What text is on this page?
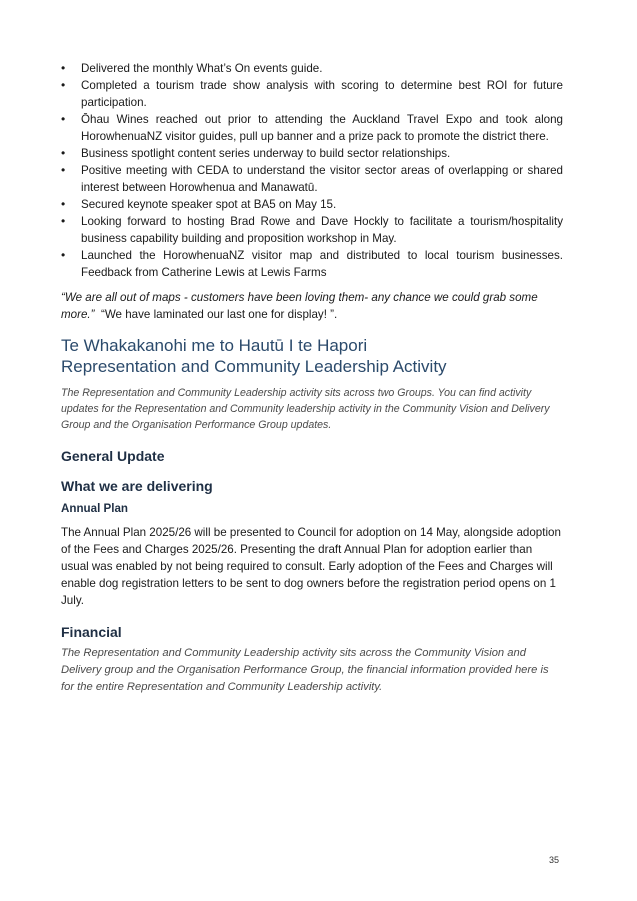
• Delivered the monthly What’s On events guide.
• Completed a tourism trade show analysis with scoring to determine best ROI for future participation.
• Ōhau Wines reached out prior to attending the Auckland Travel Expo and took along HorowhenuaNZ visitor guides, pull up banner and a prize pack to promote the district there.
• Business spotlight content series underway to build sector relationships.
• Positive meeting with CEDA to understand the visitor sector areas of overlapping or shared interest between Horowhenua and Manawatū.
• Secured keynote speaker spot at BA5 on May 15.
• Looking forward to hosting Brad Rowe and Dave Hockly to facilitate a tourism/hospitality business capability building and proposition workshop in May.
• Launched the HorowhenuaNZ visitor map and distributed to local tourism businesses. Feedback from Catherine Lewis at Lewis Farms
“We are all out of maps - customers have been loving them- any chance we could grab some more.” “We have laminated our last one for display! ”.
Te Whakakanohi me to Hautū I te Hapori
Representation and Community Leadership Activity
The Representation and Community Leadership activity sits across two Groups. You can find activity updates for the Representation and Community leadership activity in the Community Vision and Delivery Group and the Organisation Performance Group updates.
General Update
What we are delivering
Annual Plan
The Annual Plan 2025/26 will be presented to Council for adoption on 14 May, alongside adoption of the Fees and Charges 2025/26. Presenting the draft Annual Plan for adoption earlier than usual was enabled by not being required to consult. Early adoption of the Fees and Charges will enable dog registration letters to be sent to dog owners before the registration period opens on 1 July.
Financial
The Representation and Community Leadership activity sits across the Community Vision and Delivery group and the Organisation Performance Group, the financial information provided here is for the entire Representation and Community Leadership activity.
35
